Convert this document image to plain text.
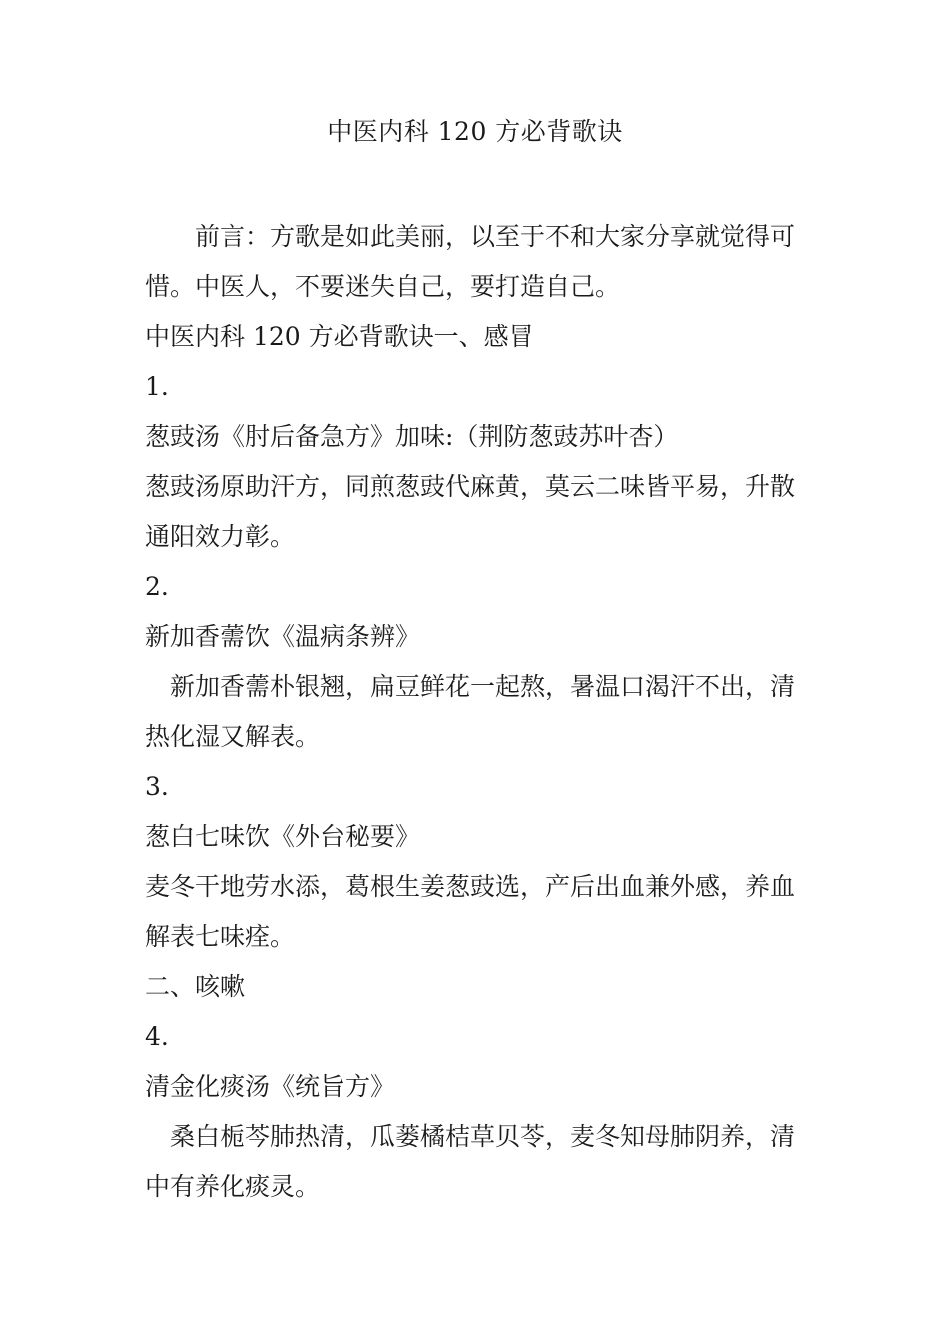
中医内科 120 方必背歌诀
前言：方歌是如此美丽，以至于不和大家分享就觉得可
惜。中医人，不要迷失自己，要打造自己。
中医内科 120 方必背歌诀一、感冒
1.
葱豉汤《肘后备急方》加味:（荆防葱豉苏叶杏）
葱豉汤原助汗方，同煎葱豉代麻黄，莫云二味皆平易，升散
通阳效力彰。
2.
新加香薷饮《温病条辨》
新加香薷朴银翘，扁豆鲜花一起熬，暑温口渴汗不出，清
热化湿又解表。
3.
葱白七味饮《外台秘要》
麦冬干地劳水添，葛根生姜葱豉选，产后出血兼外感，养血
解表七味痊。
二、咳嗽
4.
清金化痰汤《统旨方》
桑白栀芩肺热清，瓜蒌橘桔草贝苓，麦冬知母肺阴养，清
中有养化痰灵。
